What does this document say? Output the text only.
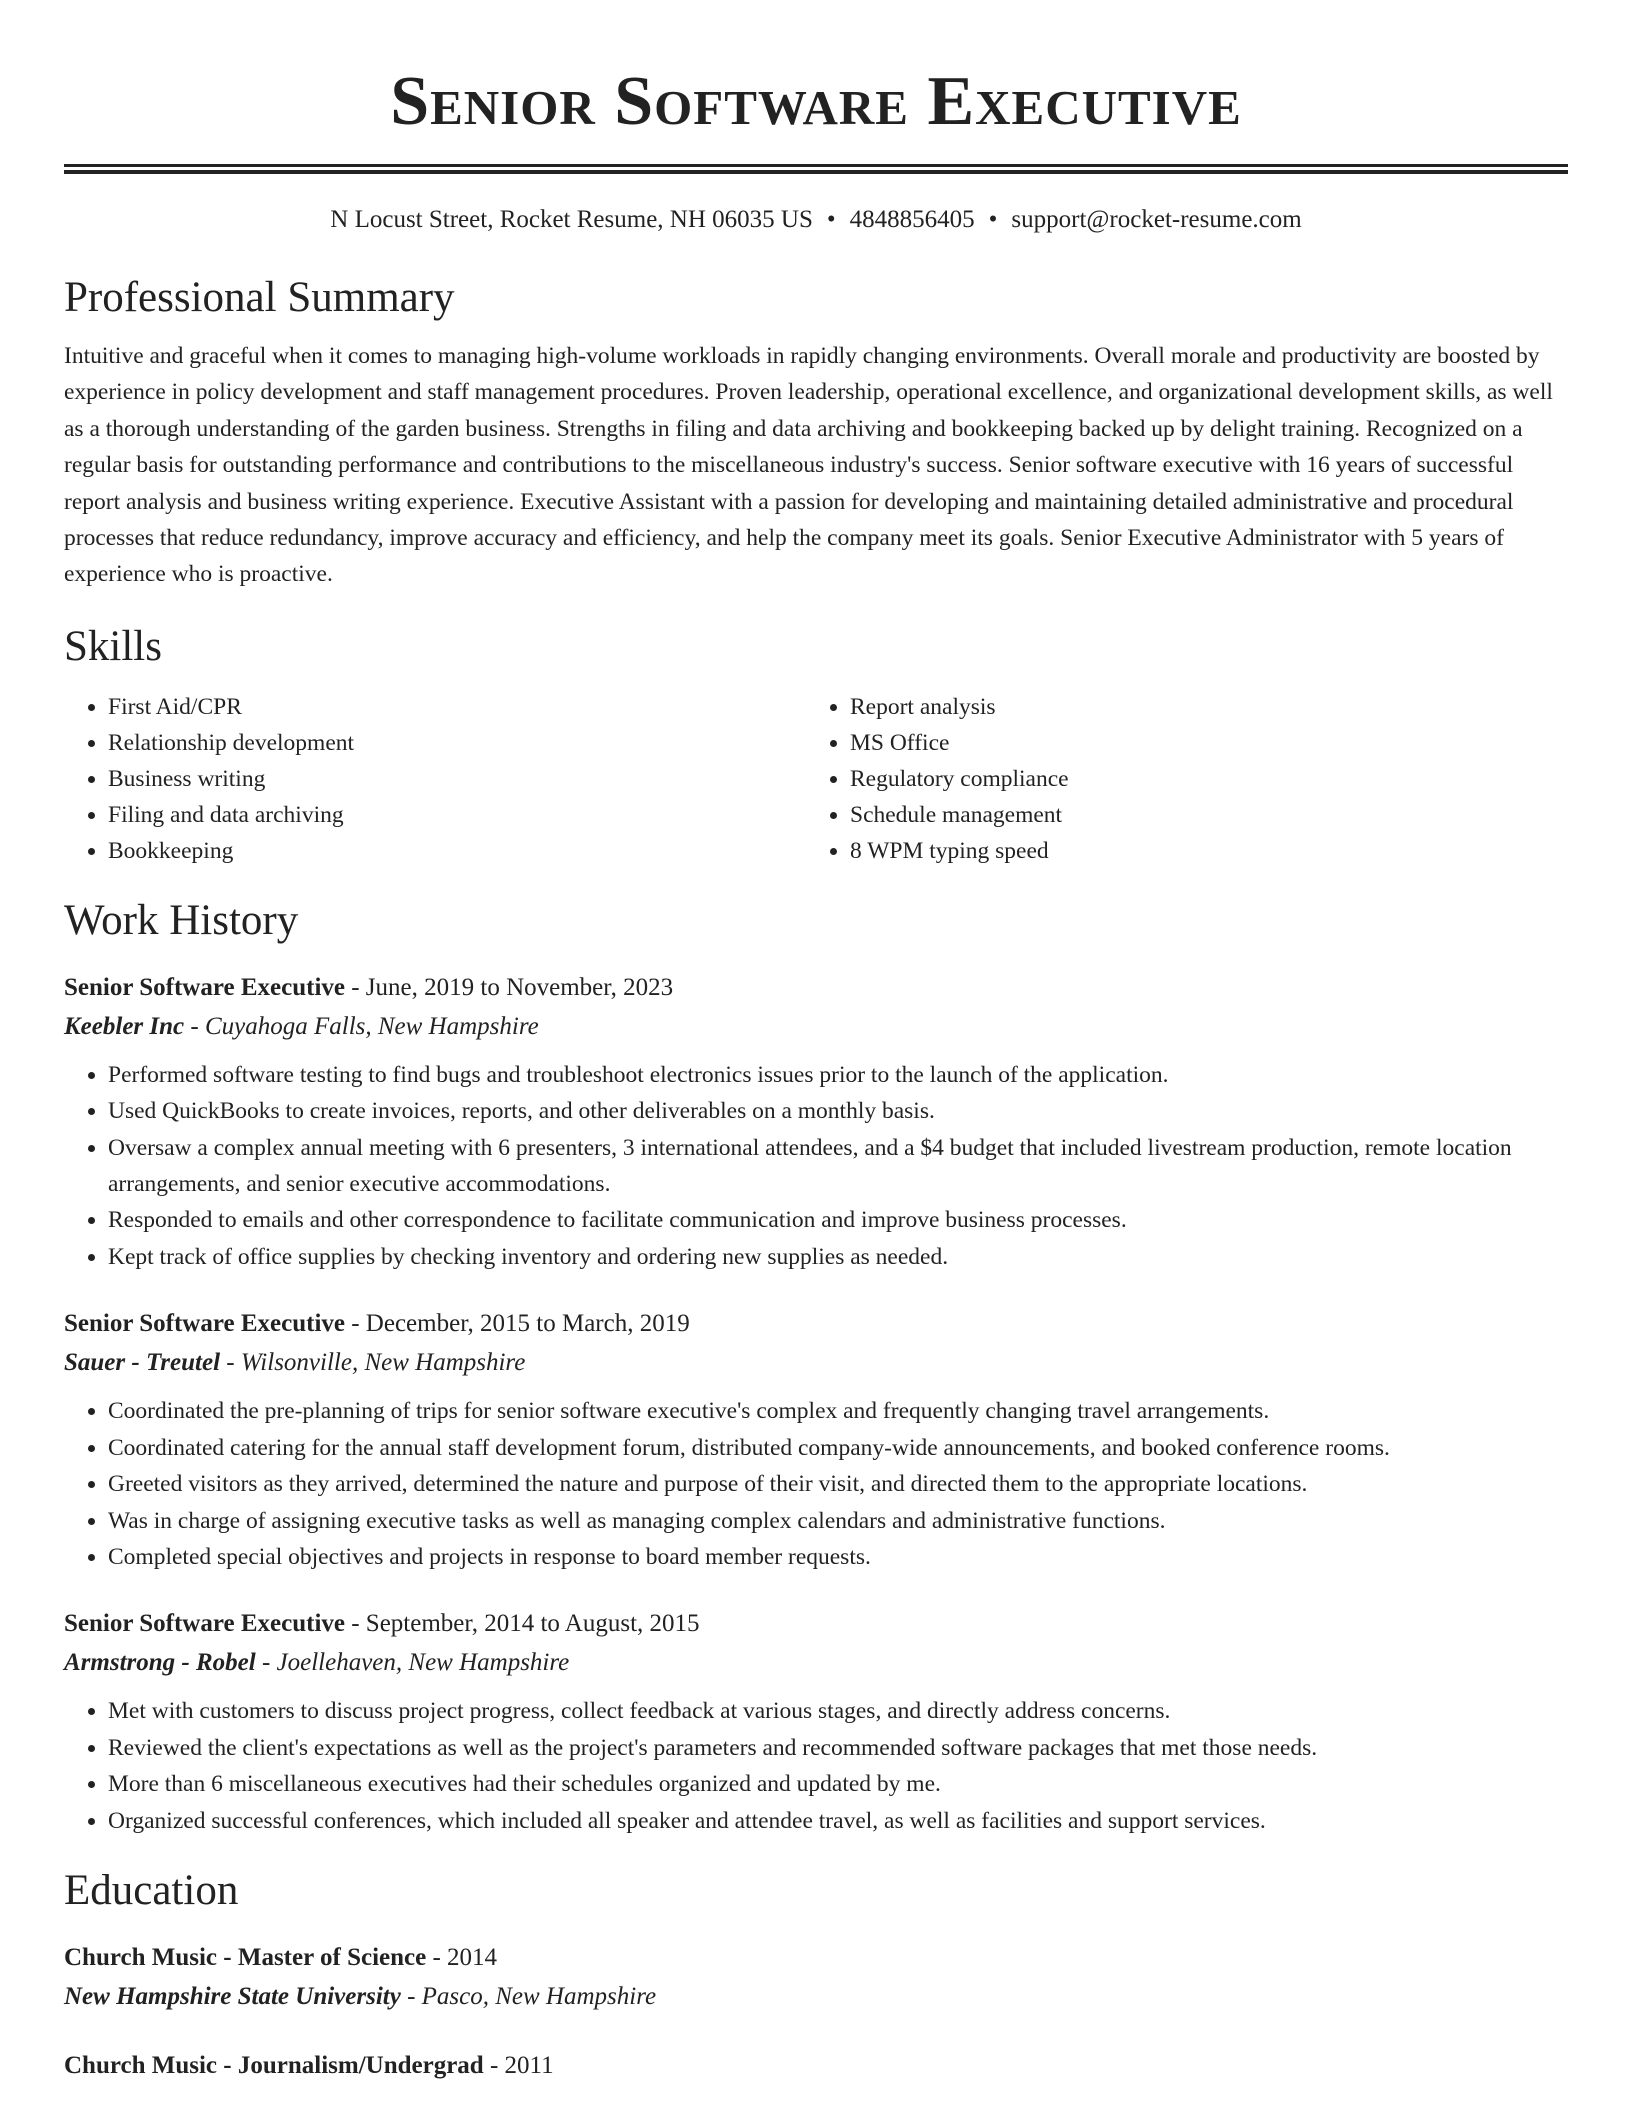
Senior Software Executive
N Locust Street, Rocket Resume, NH 06035 US • 4848856405 • support@rocket-resume.com
Professional Summary
Intuitive and graceful when it comes to managing high-volume workloads in rapidly changing environments. Overall morale and productivity are boosted by experience in policy development and staff management procedures. Proven leadership, operational excellence, and organizational development skills, as well as a thorough understanding of the garden business. Strengths in filing and data archiving and bookkeeping backed up by delight training. Recognized on a regular basis for outstanding performance and contributions to the miscellaneous industry's success. Senior software executive with 16 years of successful report analysis and business writing experience. Executive Assistant with a passion for developing and maintaining detailed administrative and procedural processes that reduce redundancy, improve accuracy and efficiency, and help the company meet its goals. Senior Executive Administrator with 5 years of experience who is proactive.
Skills
• First Aid/CPR
• Relationship development
• Business writing
• Filing and data archiving
• Bookkeeping
• Report analysis
• MS Office
• Regulatory compliance
• Schedule management
• 8 WPM typing speed
Work History
Senior Software Executive - June, 2019 to November, 2023
Keebler Inc - Cuyahoga Falls, New Hampshire
• Performed software testing to find bugs and troubleshoot electronics issues prior to the launch of the application.
• Used QuickBooks to create invoices, reports, and other deliverables on a monthly basis.
• Oversaw a complex annual meeting with 6 presenters, 3 international attendees, and a $4 budget that included livestream production, remote location arrangements, and senior executive accommodations.
• Responded to emails and other correspondence to facilitate communication and improve business processes.
• Kept track of office supplies by checking inventory and ordering new supplies as needed.
Senior Software Executive - December, 2015 to March, 2019
Sauer - Treutel - Wilsonville, New Hampshire
• Coordinated the pre-planning of trips for senior software executive's complex and frequently changing travel arrangements.
• Coordinated catering for the annual staff development forum, distributed company-wide announcements, and booked conference rooms.
• Greeted visitors as they arrived, determined the nature and purpose of their visit, and directed them to the appropriate locations.
• Was in charge of assigning executive tasks as well as managing complex calendars and administrative functions.
• Completed special objectives and projects in response to board member requests.
Senior Software Executive - September, 2014 to August, 2015
Armstrong - Robel - Joellehaven, New Hampshire
• Met with customers to discuss project progress, collect feedback at various stages, and directly address concerns.
• Reviewed the client's expectations as well as the project's parameters and recommended software packages that met those needs.
• More than 6 miscellaneous executives had their schedules organized and updated by me.
• Organized successful conferences, which included all speaker and attendee travel, as well as facilities and support services.
Education
Church Music - Master of Science - 2014
New Hampshire State University - Pasco, New Hampshire
Church Music - Journalism/Undergrad - 2011
